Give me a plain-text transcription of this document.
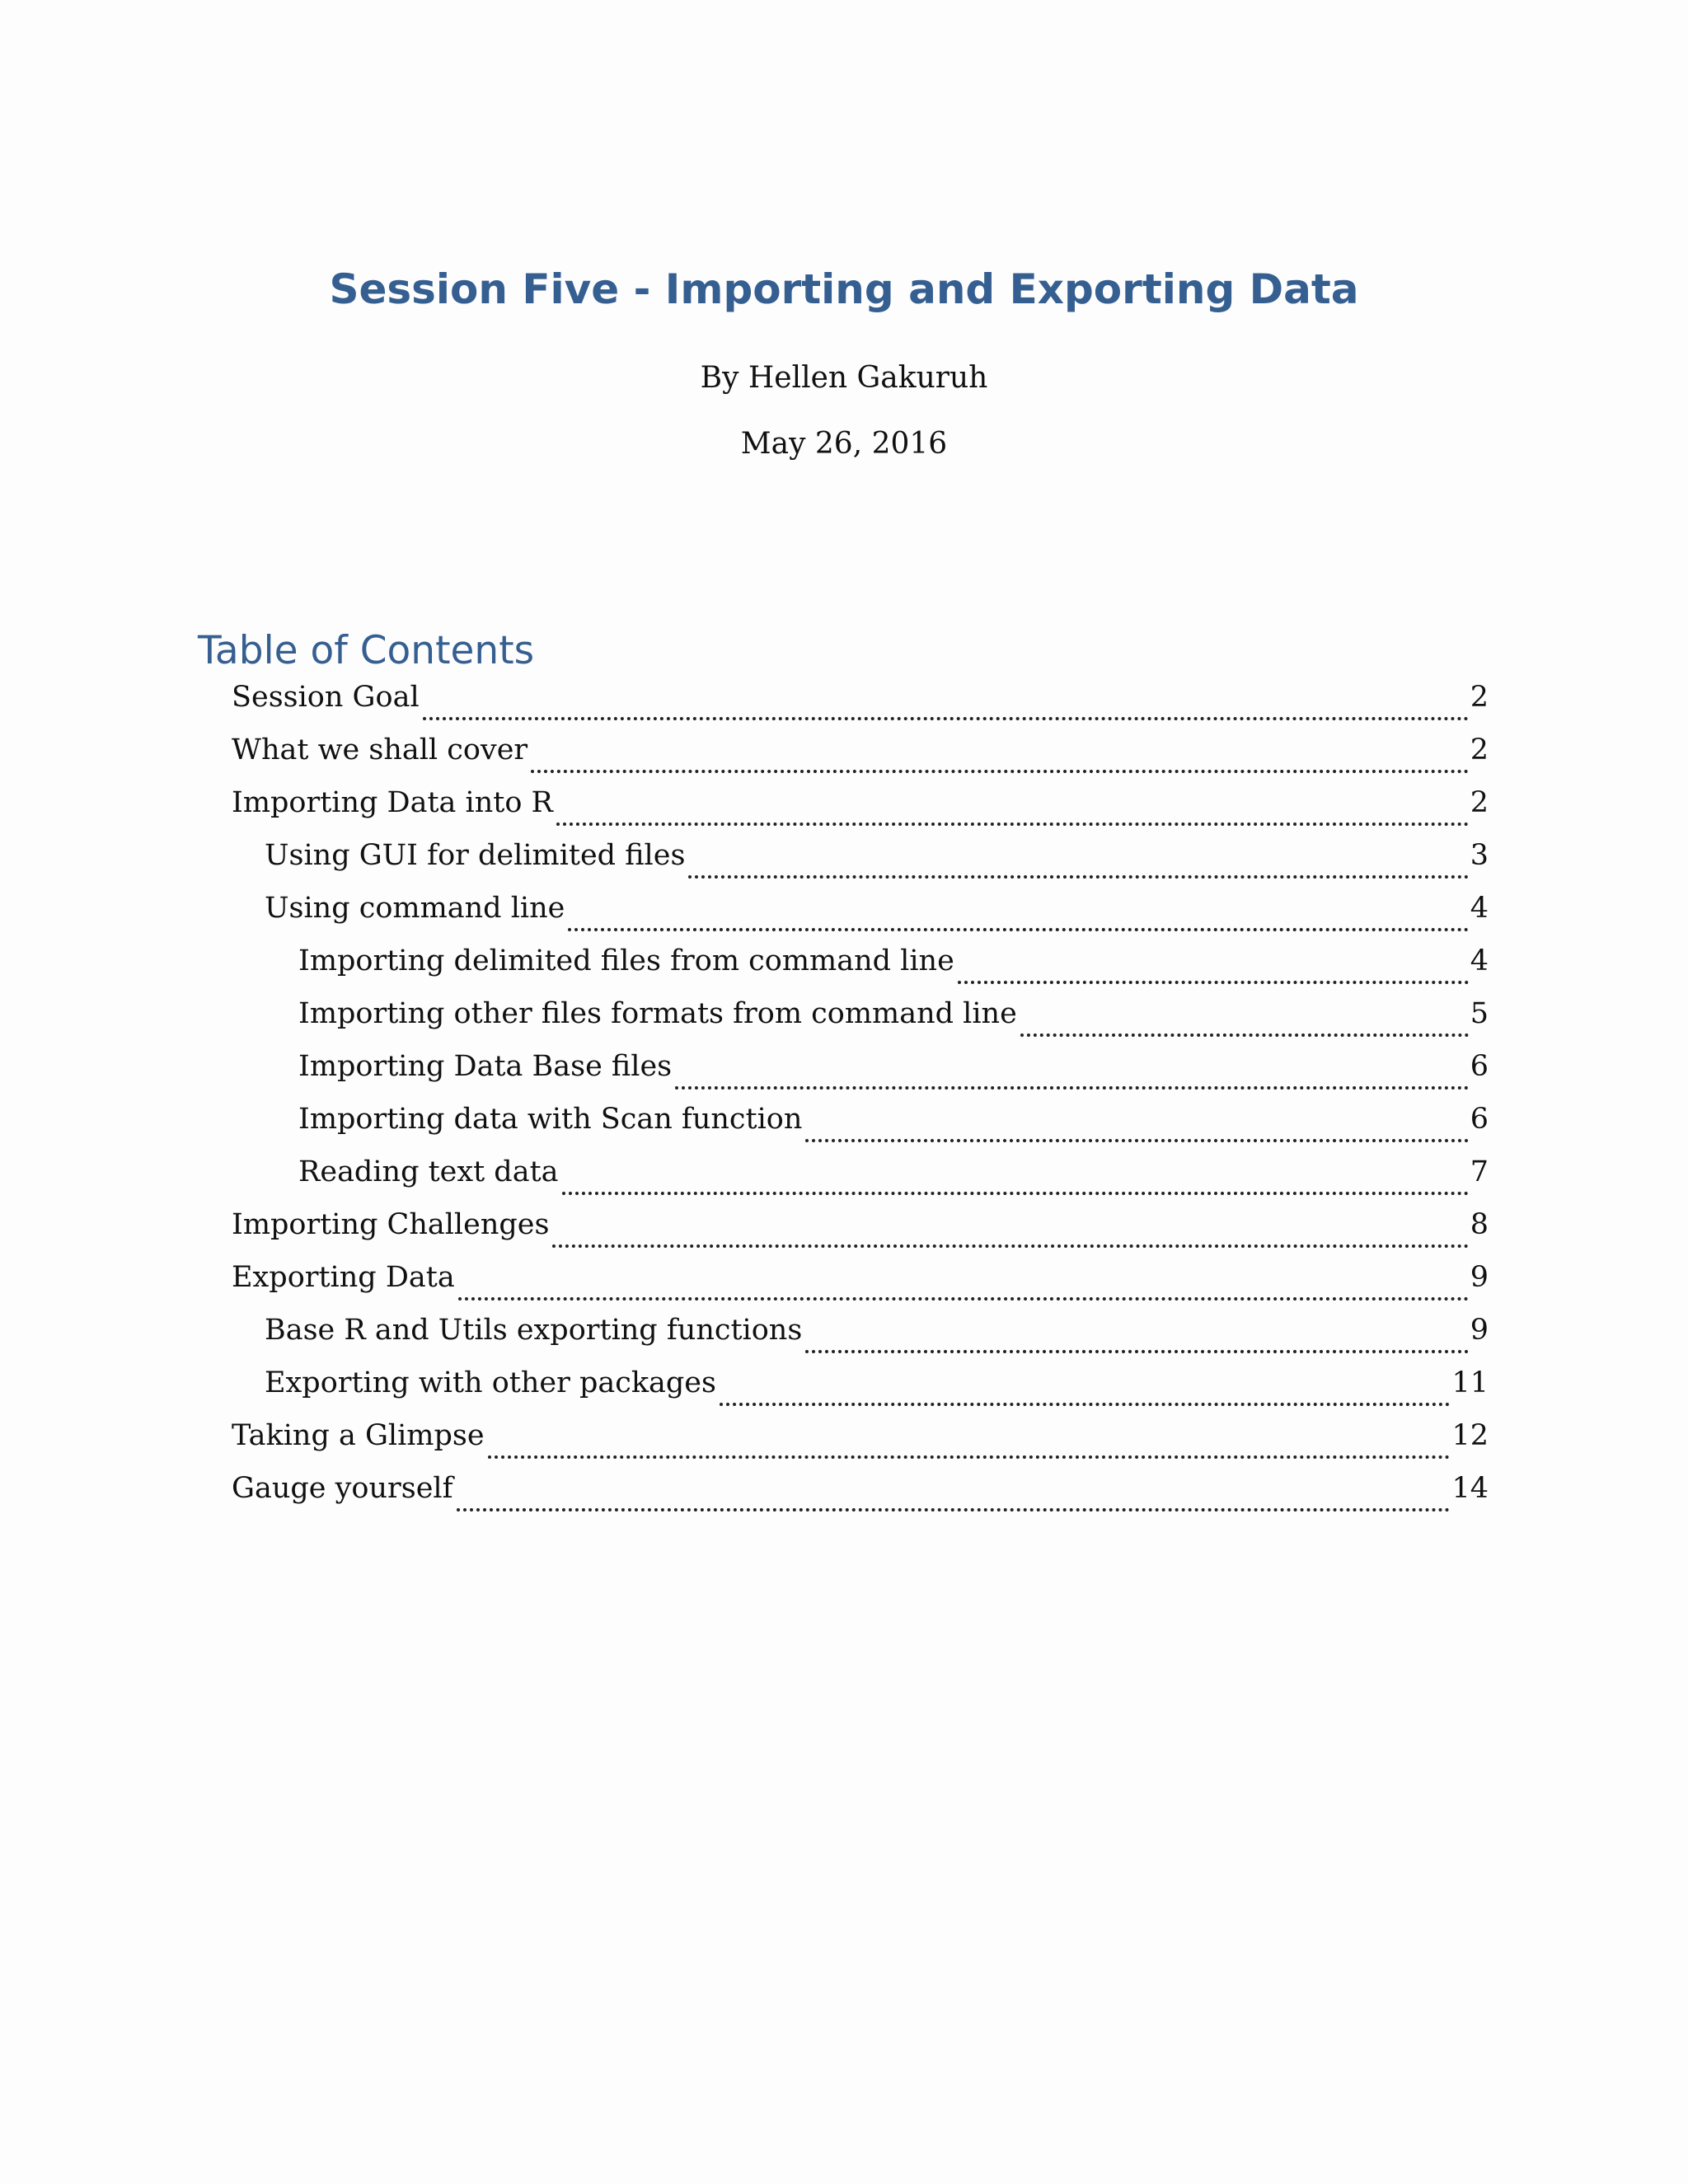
Session Five - Importing and Exporting Data
By Hellen Gakuruh
May 26, 2016
Table of Contents
Session Goal	2
What we shall cover	2
Importing Data into R	2
Using GUI for delimited files	3
Using command line	4
Importing delimited files from command line	4
Importing other files formats from command line	5
Importing Data Base files	6
Importing data with Scan function	6
Reading text data	7
Importing Challenges	8
Exporting Data	9
Base R and Utils exporting functions	9
Exporting with other packages	11
Taking a Glimpse	12
Gauge yourself	14
